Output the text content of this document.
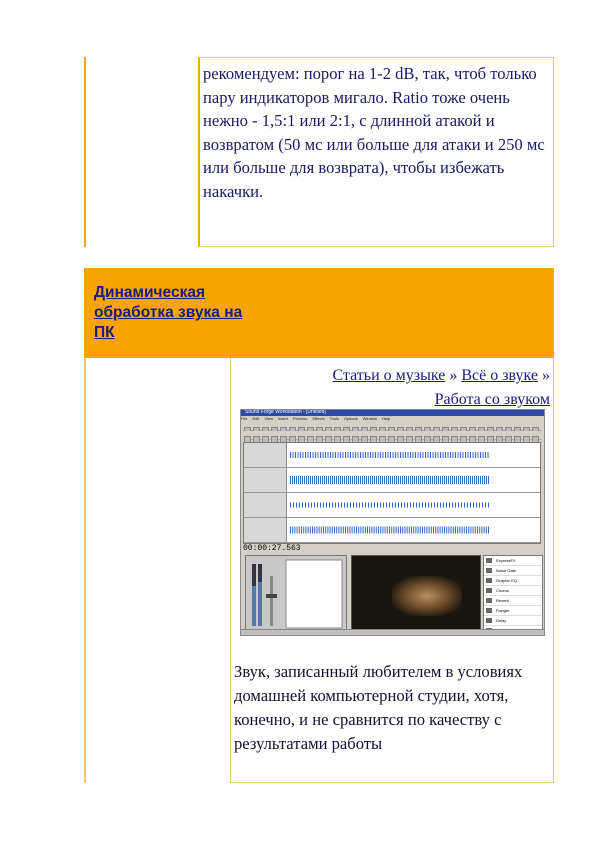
рекомендуем: порог на 1-2 dB, так, чтоб только пару индикаторов мигало. Ratio тоже очень нежно - 1,5:1 или 2:1, с длинной атакой и возвратом (50 мс или больше для атаки и 250 мс или больше для возврата), чтобы избежать накачки.
Динамическая обработка звука на ПК
Статьи о музыке » Всё о звуке » Работа со звуком
Sound Forge Workstation - [Untitled]
File Edit View Insert Process Effects Tools Options Window Help
00:00:27.563
ExpressFX
Noise Gate
Graphic EQ
Chorus
Reverb
Flanger
Delay
Звук, записанный любителем в условиях домашней компьютерной студии, хотя, конечно, и не сравнится по качеству с результатами работы
